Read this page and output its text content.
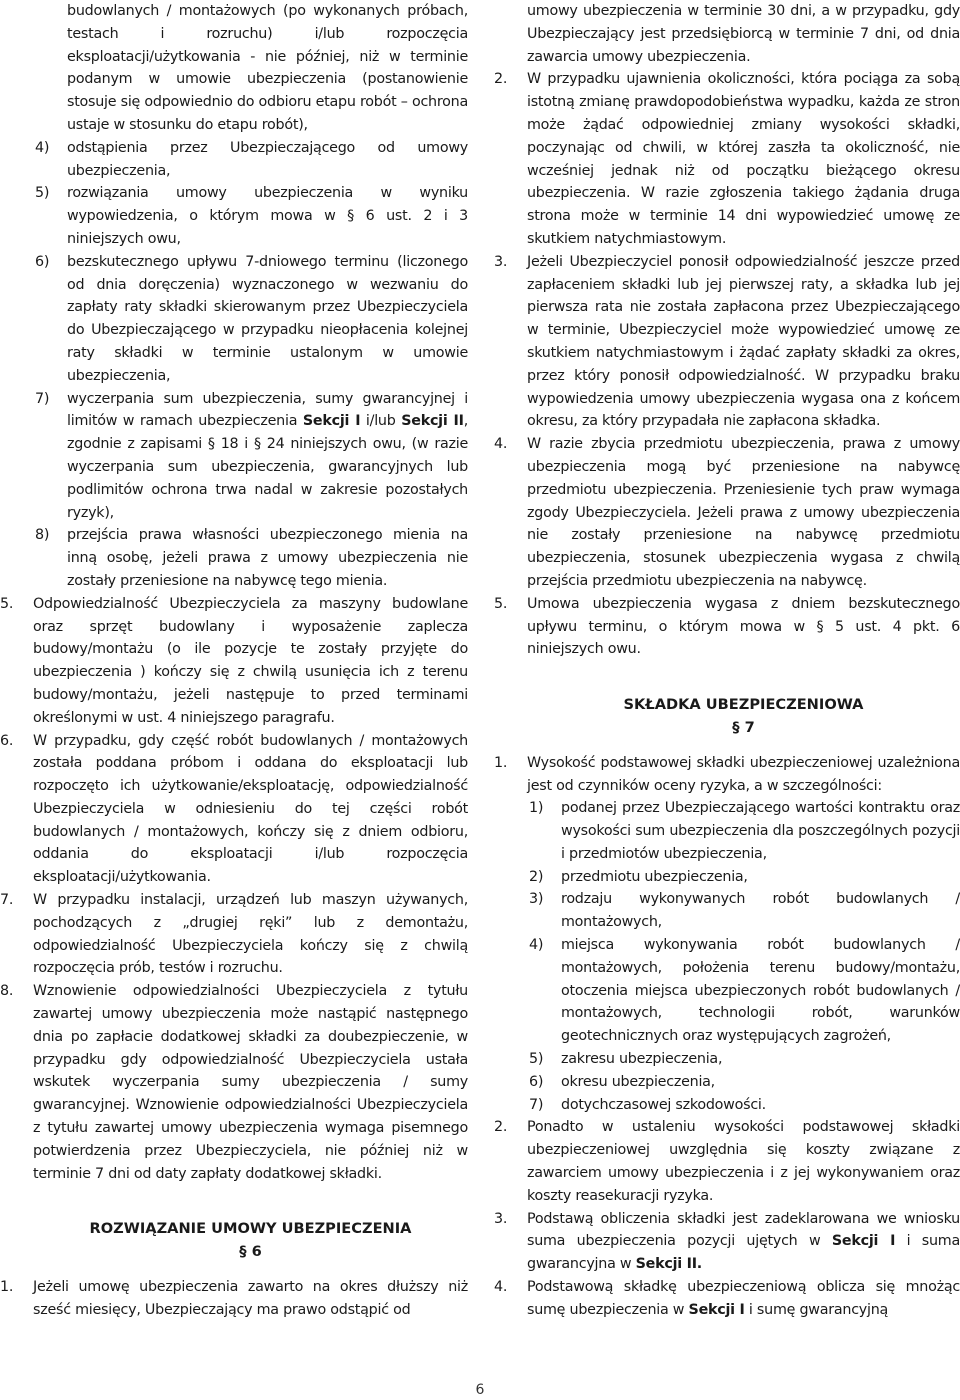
budowlanych / montażowych (po wykonanych próbach, testach i rozruchu) i/lub rozpoczęcia eksploatacji/użytkowania - nie później, niż w terminie podanym w umowie ubezpieczenia (postanowienie stosuje się odpowiednio do odbioru etapu robót – ochrona ustaje w stosunku do etapu robót),

4) odstąpienia przez Ubezpieczającego od umowy ubezpieczenia,

5) rozwiązania umowy ubezpieczenia w wyniku wypowiedzenia, o którym mowa w § 6 ust. 2 i 3 niniejszych owu,

6) bezskutecznego upływu 7-dniowego terminu (liczonego od dnia doręczenia) wyznaczonego w wezwaniu do zapłaty raty składki skierowanym przez Ubezpieczyciela do Ubezpieczającego w przypadku nieopłacenia kolejnej raty składki w terminie ustalonym w umowie ubezpieczenia,

7) wyczerpania sum ubezpieczenia, sumy gwarancyjnej i limitów w ramach ubezpieczenia Sekcji I i/lub Sekcji II, zgodnie z zapisami § 18 i § 24 niniejszych owu, (w razie wyczerpania sum ubezpieczenia, gwarancyjnych lub podlimitów ochrona trwa nadal w zakresie pozostałych ryzyk),

8) przejścia prawa własności ubezpieczonego mienia na inną osobę, jeżeli prawa z umowy ubezpieczenia nie zostały przeniesione na nabywcę tego mienia.

5. Odpowiedzialność Ubezpieczyciela za maszyny budowlane oraz sprzęt budowlany i wyposażenie zaplecza budowy/montażu (o ile pozycje te zostały przyjęte do ubezpieczenia ) kończy się z chwilą usunięcia ich z terenu budowy/montażu, jeżeli następuje to przed terminami określonymi w ust. 4 niniejszego paragrafu.

6. W przypadku, gdy część robót budowlanych / montażowych została poddana próbom i oddana do eksploatacji lub rozpoczęto ich użytkowanie/eksploatację, odpowiedzialność Ubezpieczyciela w odniesieniu do tej części robót budowlanych / montażowych, kończy się z dniem odbioru, oddania do eksploatacji i/lub rozpoczęcia eksploatacji/użytkowania.

7. W przypadku instalacji, urządzeń lub maszyn używanych, pochodzących z „drugiej ręki” lub z demontażu, odpowiedzialność Ubezpieczyciela kończy się z chwilą rozpoczęcia prób, testów i rozruchu.

8. Wznowienie odpowiedzialności Ubezpieczyciela z tytułu zawartej umowy ubezpieczenia może nastąpić następnego dnia po zapłacie dodatkowej składki za doubezpieczenie, w przypadku gdy odpowiedzialność Ubezpieczyciela ustała wskutek wyczerpania sumy ubezpieczenia / sumy gwarancyjnej. Wznowienie odpowiedzialności Ubezpieczyciela z tytułu zawartej umowy ubezpieczenia wymaga pisemnego potwierdzenia przez Ubezpieczyciela, nie później niż w terminie 7 dni od daty zapłaty dodatkowej składki.

ROZWIĄZANIE UMOWY UBEZPIECZENIA

§ 6

1. Jeżeli umowę ubezpieczenia zawarto na okres dłuższy niż sześć miesięcy, Ubezpieczający ma prawo odstąpić od

umowy ubezpieczenia w terminie 30 dni, a w przypadku, gdy Ubezpieczający jest przedsiębiorcą w terminie 7 dni, od dnia zawarcia umowy ubezpieczenia.

2. W przypadku ujawnienia okoliczności, która pociąga za sobą istotną zmianę prawdopodobieństwa wypadku, każda ze stron może żądać odpowiedniej zmiany wysokości składki, poczynając od chwili, w której zaszła ta okoliczność, nie wcześniej jednak niż od początku bieżącego okresu ubezpieczenia. W razie zgłoszenia takiego żądania druga strona może w terminie 14 dni wypowiedzieć umowę ze skutkiem natychmiastowym.

3. Jeżeli Ubezpieczyciel ponosił odpowiedzialność jeszcze przed zapłaceniem składki lub jej pierwszej raty, a składka lub jej pierwsza rata nie została zapłacona przez Ubezpieczającego w terminie, Ubezpieczyciel może wypowiedzieć umowę ze skutkiem natychmiastowym i żądać zapłaty składki za okres, przez który ponosił odpowiedzialność. W przypadku braku wypowiedzenia umowy ubezpieczenia wygasa ona z końcem okresu, za który przypadała nie zapłacona składka.

4. W razie zbycia przedmiotu ubezpieczenia, prawa z umowy ubezpieczenia mogą być przeniesione na nabywcę przedmiotu ubezpieczenia. Przeniesienie tych praw wymaga zgody Ubezpieczyciela. Jeżeli prawa z umowy ubezpieczenia nie zostały przeniesione na nabywcę przedmiotu ubezpieczenia, stosunek ubezpieczenia wygasa z chwilą przejścia przedmiotu ubezpieczenia na nabywcę.

5. Umowa ubezpieczenia wygasa z dniem bezskutecznego upływu terminu, o którym mowa w § 5 ust. 4 pkt. 6 niniejszych owu.

SKŁADKA UBEZPIECZENIOWA

§ 7

1. Wysokość podstawowej składki ubezpieczeniowej uzależniona jest od czynników oceny ryzyka, a w szczególności:

1) podanej przez Ubezpieczającego wartości kontraktu oraz wysokości sum ubezpieczenia dla poszczególnych pozycji i przedmiotów ubezpieczenia,

2) przedmiotu ubezpieczenia,

3) rodzaju wykonywanych robót budowlanych / montażowych,

4) miejsca wykonywania robót budowlanych / montażowych, położenia terenu budowy/montażu, otoczenia miejsca ubezpieczonych robót budowlanych / montażowych, technologii robót, warunków geotechnicznych oraz występujących zagrożeń,

5) zakresu ubezpieczenia,

6) okresu ubezpieczenia,

7) dotychczasowej szkodowości.

2. Ponadto w ustaleniu wysokości podstawowej składki ubezpieczeniowej uwzględnia się koszty związane z zawarciem umowy ubezpieczenia i z jej wykonywaniem oraz koszty reasekuracji ryzyka.

3. Podstawą obliczenia składki jest zadeklarowana we wniosku suma ubezpieczenia pozycji ujętych w Sekcji I i suma gwarancyjna w Sekcji II.

4. Podstawową składkę ubezpieczeniową oblicza się mnożąc sumę ubezpieczenia w Sekcji I i sumę gwarancyjną

6
